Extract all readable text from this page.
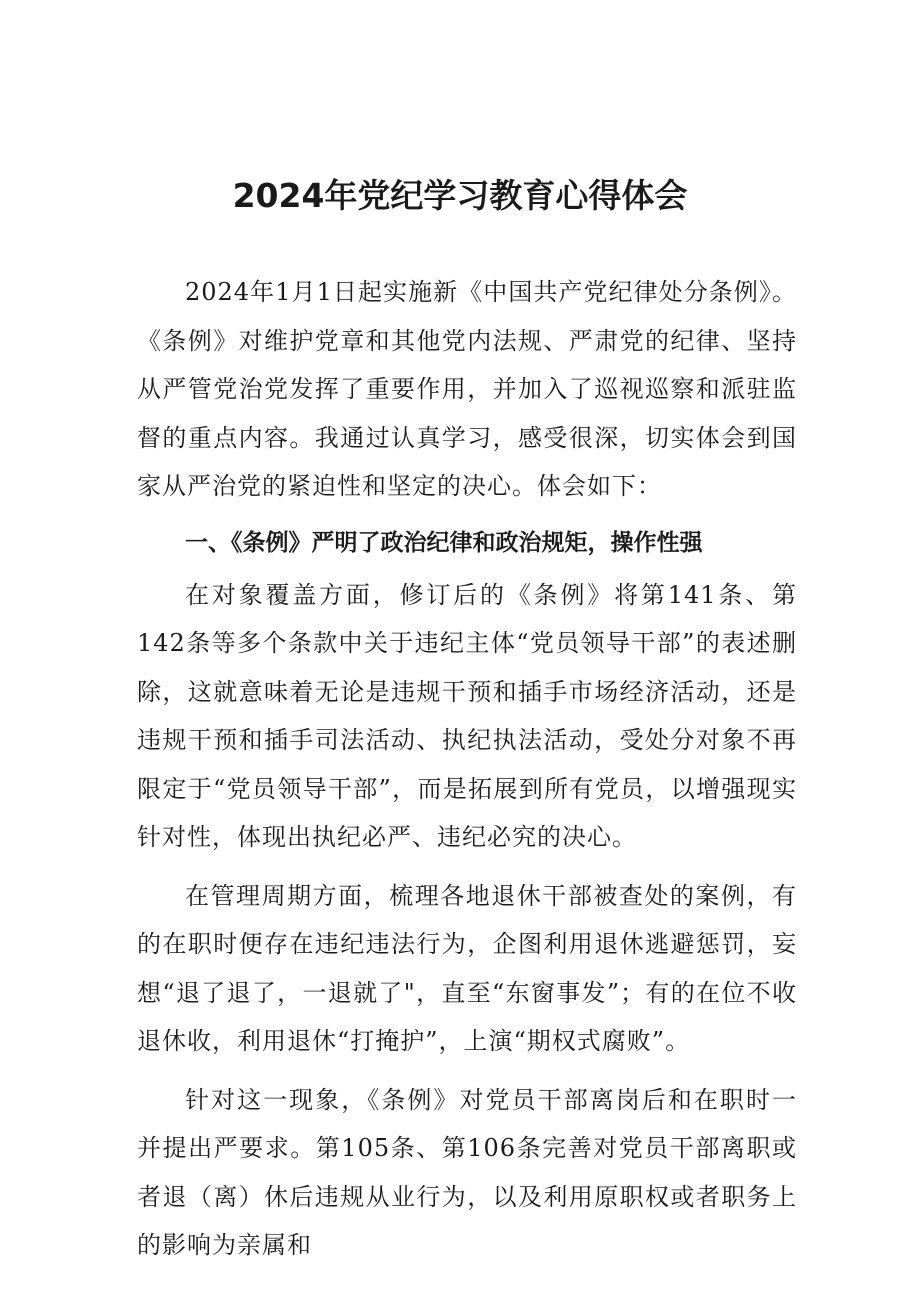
2024年党纪学习教育心得体会

2024年1月1日起实施新《中国共产党纪律处分条例》。《条例》对维护党章和其他党内法规、严肃党的纪律、坚持从严管党治党发挥了重要作用，并加入了巡视巡察和派驻监督的重点内容。我通过认真学习，感受很深，切实体会到国家从严治党的紧迫性和坚定的决心。体会如下：

一、《条例》严明了政治纪律和政治规矩，操作性强

在对象覆盖方面，修订后的《条例》将第141条、第142条等多个条款中关于违纪主体“党员领导干部”的表述删除，这就意味着无论是违规干预和插手市场经济活动，还是违规干预和插手司法活动、执纪执法活动，受处分对象不再限定于“党员领导干部”，而是拓展到所有党员，以增强现实针对性，体现出执纪必严、违纪必究的决心。

在管理周期方面，梳理各地退休干部被查处的案例，有的在职时便存在违纪违法行为，企图利用退休逃避惩罚，妄想“退了退了，一退就了"，直至“东窗事发”；有的在位不收退休收，利用退休“打掩护”，上演“期权式腐败”。

针对这一现象，《条例》对党员干部离岗后和在职时一并提出严要求。第105条、第106条完善对党员干部离职或者退（离）休后违规从业行为，以及利用原职权或者职务上的影响为亲属和
